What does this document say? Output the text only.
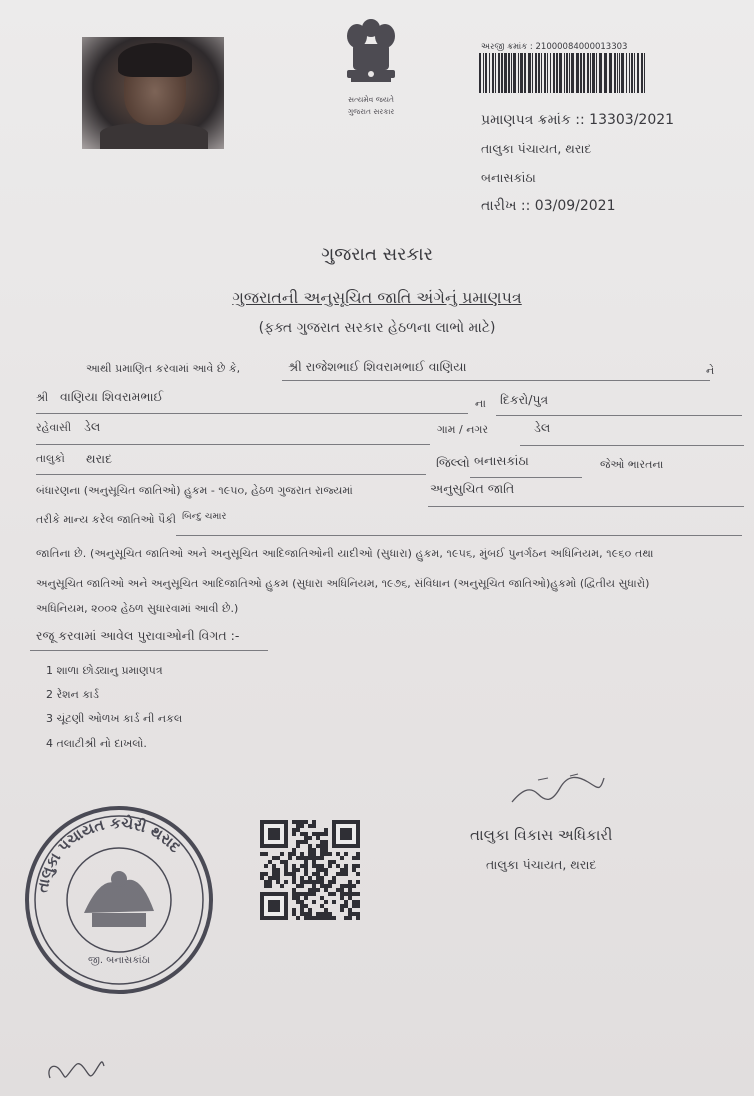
સત્યમેવ જયતે
ગુજરાત સરકાર
અરજી ક્રમાંક : 21000084000013303
પ્રમાણપત્ર ક્રમાંક :: 13303/2021
તાલુકા પંચાયત, થરાદ
બનાસકાંઠા
તારીખ :: 03/09/2021
ગુજરાત સરકાર
ગુજરાતની અનુસૂચિત જાતિ અંગેનું પ્રમાણપત્ર
(ફક્ત ગુજરાત સરકાર હેઠળના લાભો માટે)
આથી પ્રમાણિત કરવામાં આવે છે કે,	શ્રી રાજેશભાઈ શિવરામભાઈ વાણિયા	ને
શ્રી વાણિયા શિવરામભાઈ	ના દિકરો/પુત્ર
રહેવાસી ડેલ	ગામ / નગર	ડેલ
તાલુકો થરાદ	જિલ્લો બનાસકાંઠા	જેઓ ભારતના
બંધારણના (અનુસૂચિત જાતિઓ) હુકમ - ૧૯૫૦, હેઠળ ગુજરાત રાજ્યમાં	અનુસુચિત જાતિ
તરીકે માન્ય કરેલ જાતિઓ પૈકી બિન્દુ ચમાર
જાતિના છે. (અનુસૂચિત જાતિઓ અને અનુસૂચિત આદિજાતિઓની યાદીઓ (સુધારા) હુકમ, ૧૯૫૬, મુંબઈ પુનર્ગઠન અધિનિયમ, ૧૯૬૦ તથા
અનુસૂચિત જાતિઓ અને અનુસૂચિત આદિજાતિઓ હુકમ (સુધારા અધિનિયમ, ૧૯૭૬, સંવિધાન (અનુસૂચિત જાતિઓ)હુકમો (દ્વિતીય સુધારો)
અધિનિયમ, ૨૦૦૨ હેઠળ સુધારવામાં આવી છે.)
રજૂ કરવામાં આવેલ પુરાવાઓની વિગત :-
1 શાળા છોડ્યાનુ પ્રમાણપત્ર
2 રેશન કાર્ડ
3 ચૂંટણી ઓળખ કાર્ડ ની નકલ
4 તલાટીશ્રી નો દાખલો.
તાલુકા વિકાસ અધિકારી
તાલુકા પંચાયત, થરાદ
તાલુકા પંચાયત કચેરી થરાદ
જી. બનાસકાંઠા
